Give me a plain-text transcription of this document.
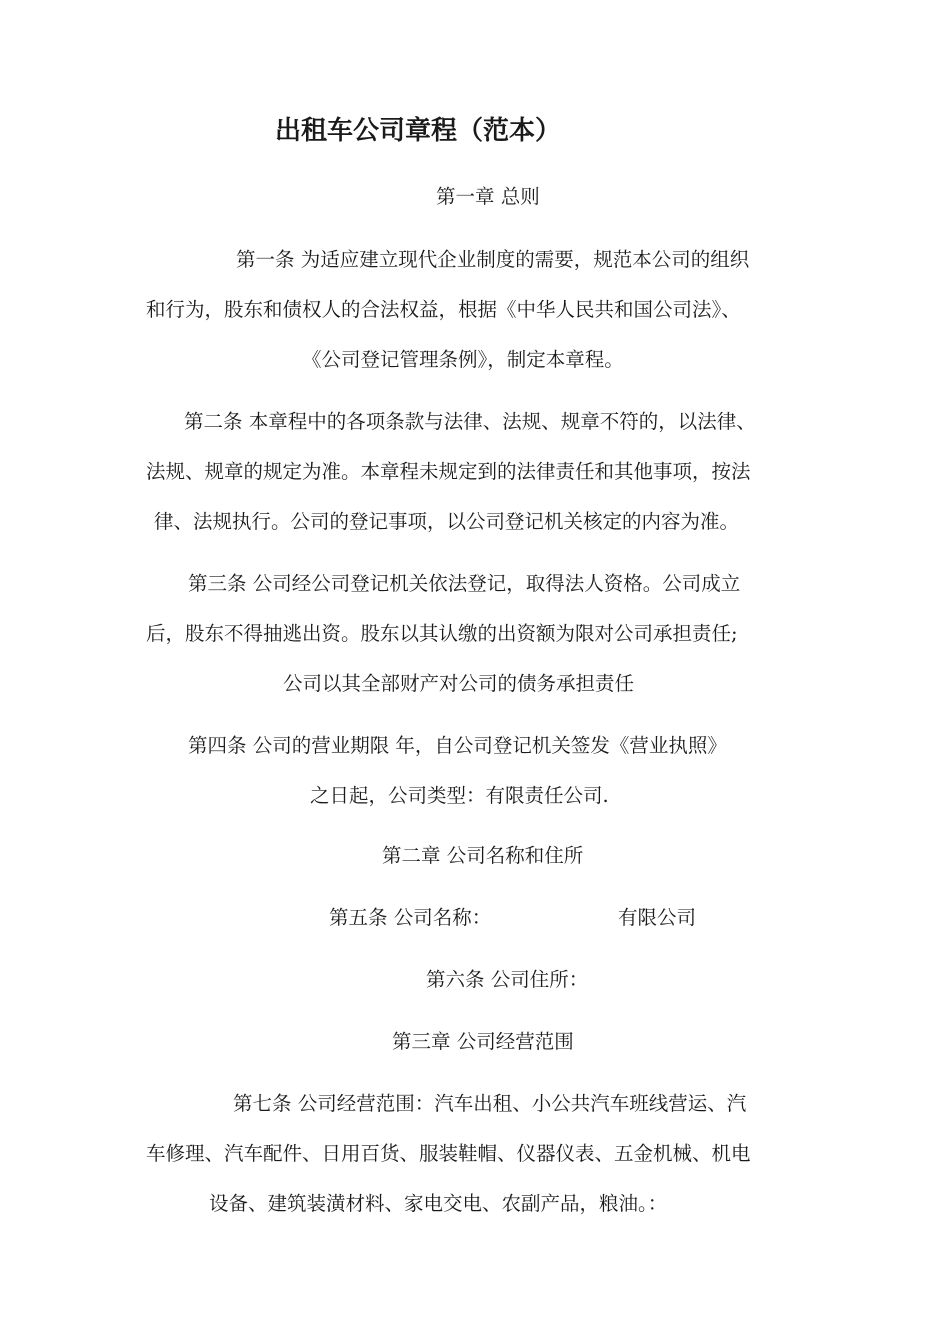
出租车公司章程（范本）

第一章 总则

第一条 为适应建立现代企业制度的需要，规范本公司的组织

和行为，股东和债权人的合法权益，根据《中华人民共和国公司法》、

《公司登记管理条例》，制定本章程。

第二条 本章程中的各项条款与法律、法规、规章不符的，以法律、

法规、规章的规定为准。本章程未规定到的法律责任和其他事项，按法

律、法规执行。公司的登记事项，以公司登记机关核定的内容为准。

第三条 公司经公司登记机关依法登记，取得法人资格。公司成立

后，股东不得抽逃出资。股东以其认缴的出资额为限对公司承担责任;

公司以其全部财产对公司的债务承担责任

第四条 公司的营业期限 年，自公司登记机关签发《营业执照》

之日起，公司类型：有限责任公司.

第二章 公司名称和住所

第五条 公司名称：	有限公司

第六条 公司住所：

第三章 公司经营范围

第七条 公司经营范围：汽车出租、小公共汽车班线营运、汽

车修理、汽车配件、日用百货、服装鞋帽、仪器仪表、五金机械、机电

设备、建筑装潢材料、家电交电、农副产品，粮油。：
